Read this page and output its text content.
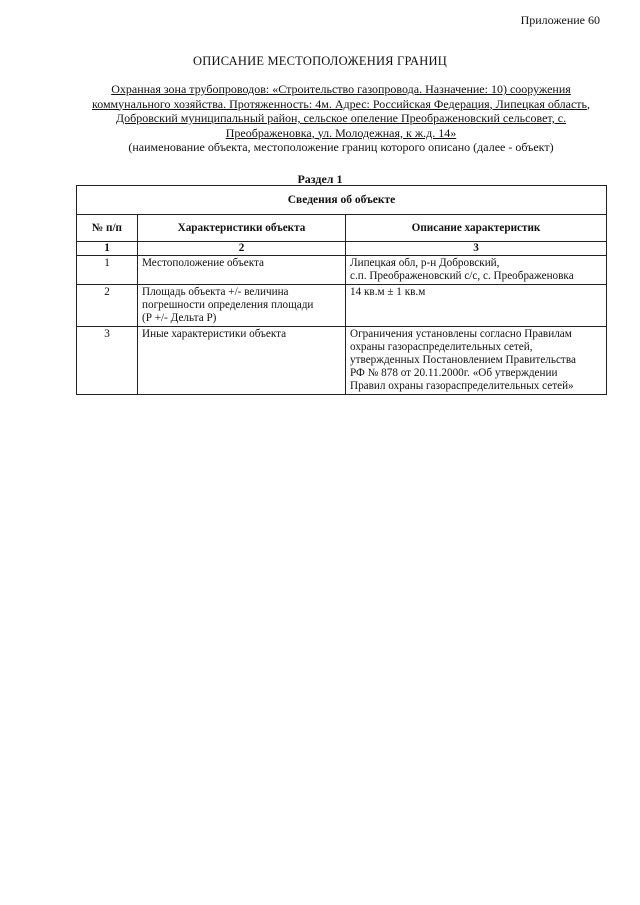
Приложение 60
ОПИСАНИЕ МЕСТОПОЛОЖЕНИЯ ГРАНИЦ
Охранная зона трубопроводов: «Строительство газопровода. Назначение: 10) сооружения коммунального хозяйства. Протяженность: 4м. Адрес: Российская Федерация, Липецкая область, Добровский муниципальный район, сельское опеление Преображеновский сельсовет, с. Преображеновка, ул. Молодежная, к ж.д. 14»
(наименование объекта, местоположение границ которого описано (далее - объект)
Раздел 1
Сведения об объекте		
№ п/п	Характеристики объекта	Описание характеристик
1	2	3
1	Местоположение объекта	Липецкая обл, р-н Добровский,
с.п. Преображеновский с/с, с. Преображеновка
2	Площадь объекта +/- величина
погрешности определения площади
(Р +/- Дельта Р)	14 кв.м ± 1 кв.м
3	Иные характеристики объекта	Ограничения установлены согласно Правилам
охраны газораспределительных сетей,
утвержденных Постановлением Правительства
РФ № 878 от 20.11.2000г. «Об утверждении
Правил охраны газораспределительных сетей»
